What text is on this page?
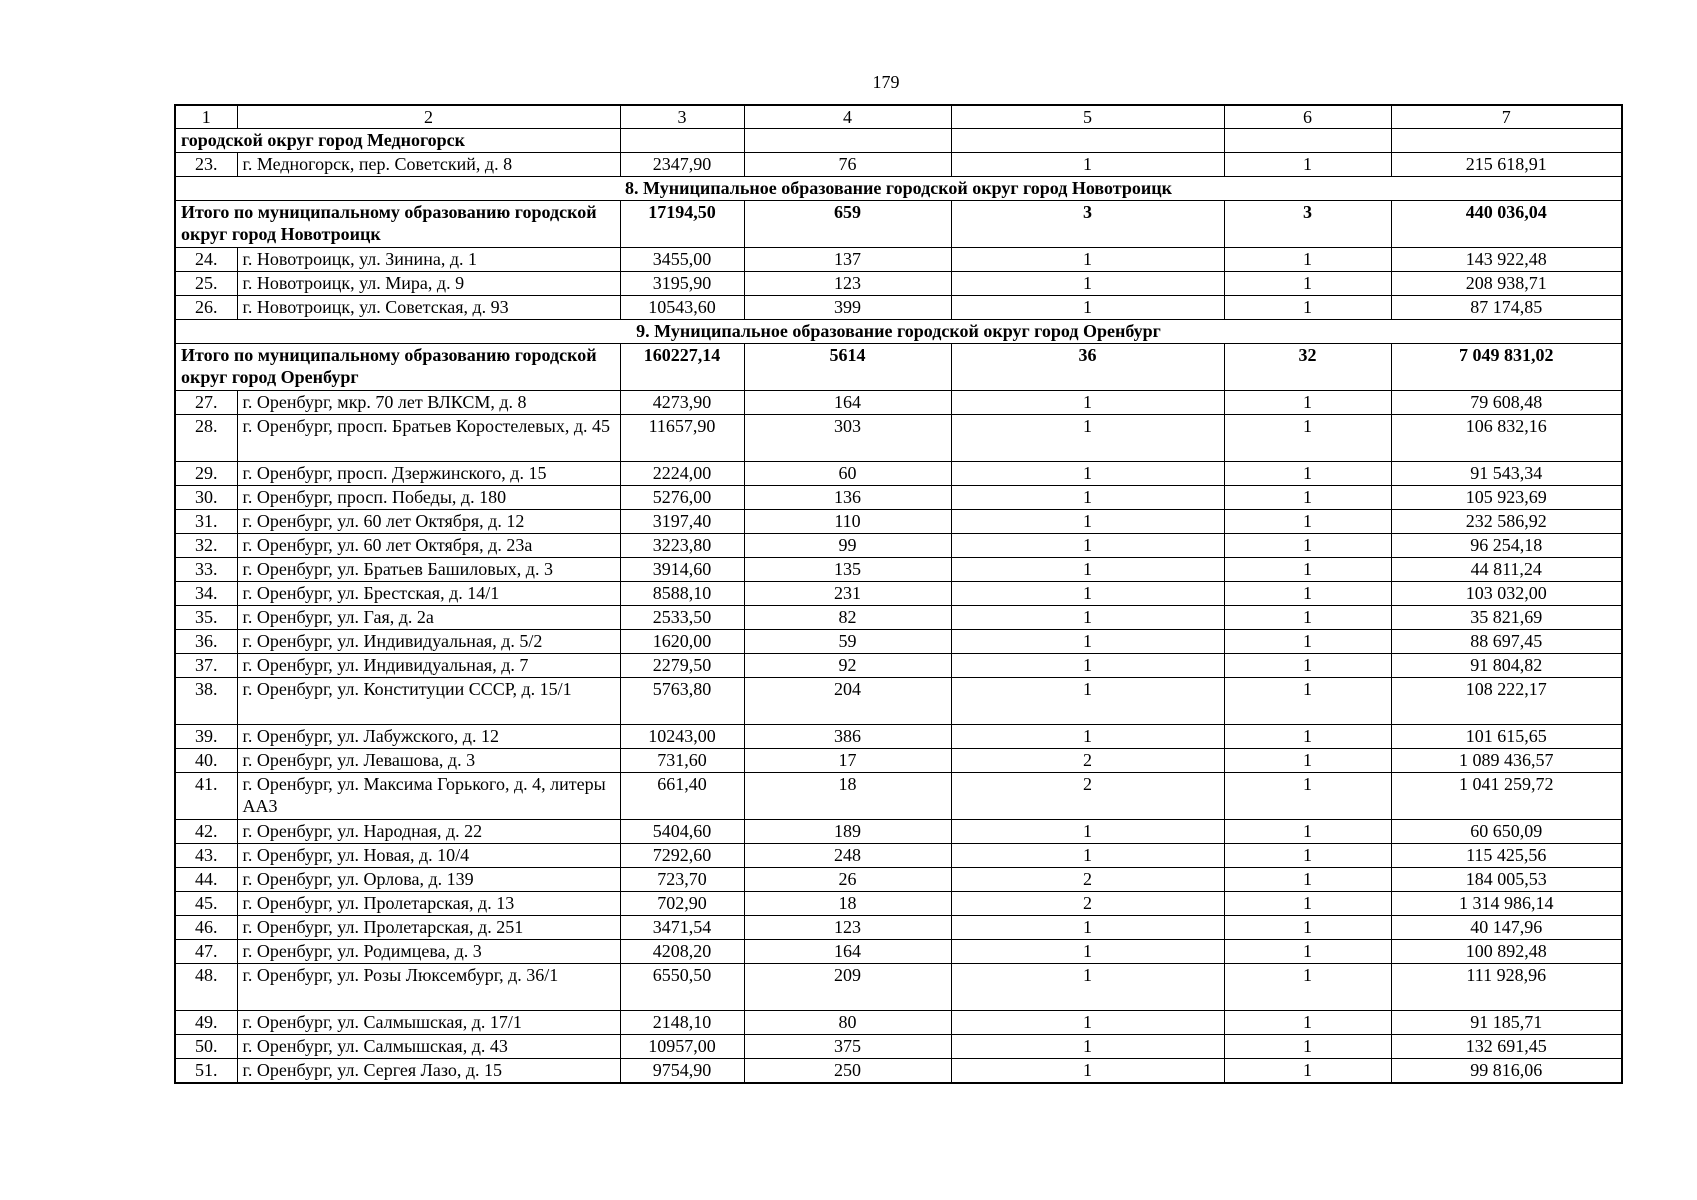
179
1	2	3	4	5	6	7
городской округ город Медногорск						
23.	г. Медногорск, пер. Советский, д. 8	2347,90	76	1	1	215 618,91
8. Муниципальное образование городской округ город Новотроицк						
Итого по муниципальному образованию городской округ город Новотроицк		17194,50	659	3	3	440 036,04
24.	г. Новотроицк, ул. Зинина, д. 1	3455,00	137	1	1	143 922,48
25.	г. Новотроицк, ул. Мира, д. 9	3195,90	123	1	1	208 938,71
26.	г. Новотроицк, ул. Советская, д. 93	10543,60	399	1	1	87 174,85
9. Муниципальное образование городской округ город Оренбург						
Итого по муниципальному образованию городской округ город Оренбург		160227,14	5614	36	32	7 049 831,02
27.	г. Оренбург, мкр. 70 лет ВЛКСМ, д. 8	4273,90	164	1	1	79 608,48
28.	г. Оренбург, просп. Братьев Коростелевых, д. 45	11657,90	303	1	1	106 832,16
29.	г. Оренбург, просп. Дзержинского, д. 15	2224,00	60	1	1	91 543,34
30.	г. Оренбург, просп. Победы, д. 180	5276,00	136	1	1	105 923,69
31.	г. Оренбург, ул. 60 лет Октября, д. 12	3197,40	110	1	1	232 586,92
32.	г. Оренбург, ул. 60 лет Октября, д. 23а	3223,80	99	1	1	96 254,18
33.	г. Оренбург, ул. Братьев Башиловых, д. 3	3914,60	135	1	1	44 811,24
34.	г. Оренбург, ул. Брестская, д. 14/1	8588,10	231	1	1	103 032,00
35.	г. Оренбург, ул. Гая, д. 2а	2533,50	82	1	1	35 821,69
36.	г. Оренбург, ул. Индивидуальная, д. 5/2	1620,00	59	1	1	88 697,45
37.	г. Оренбург, ул. Индивидуальная, д. 7	2279,50	92	1	1	91 804,82
38.	г. Оренбург, ул. Конституции СССР, д. 15/1	5763,80	204	1	1	108 222,17
39.	г. Оренбург, ул. Лабужского, д. 12	10243,00	386	1	1	101 615,65
40.	г. Оренбург, ул. Левашова, д. 3	731,60	17	2	1	1 089 436,57
41.	г. Оренбург, ул. Максима Горького, д. 4, литеры АА3	661,40	18	2	1	1 041 259,72
42.	г. Оренбург, ул. Народная, д. 22	5404,60	189	1	1	60 650,09
43.	г. Оренбург, ул. Новая, д. 10/4	7292,60	248	1	1	115 425,56
44.	г. Оренбург, ул. Орлова, д. 139	723,70	26	2	1	184 005,53
45.	г. Оренбург, ул. Пролетарская, д. 13	702,90	18	2	1	1 314 986,14
46.	г. Оренбург, ул. Пролетарская, д. 251	3471,54	123	1	1	40 147,96
47.	г. Оренбург, ул. Родимцева, д. 3	4208,20	164	1	1	100 892,48
48.	г. Оренбург, ул. Розы Люксембург, д. 36/1	6550,50	209	1	1	111 928,96
49.	г. Оренбург, ул. Салмышская, д. 17/1	2148,10	80	1	1	91 185,71
50.	г. Оренбург, ул. Салмышская, д. 43	10957,00	375	1	1	132 691,45
51.	г. Оренбург, ул. Сергея Лазо, д. 15	9754,90	250	1	1	99 816,06
